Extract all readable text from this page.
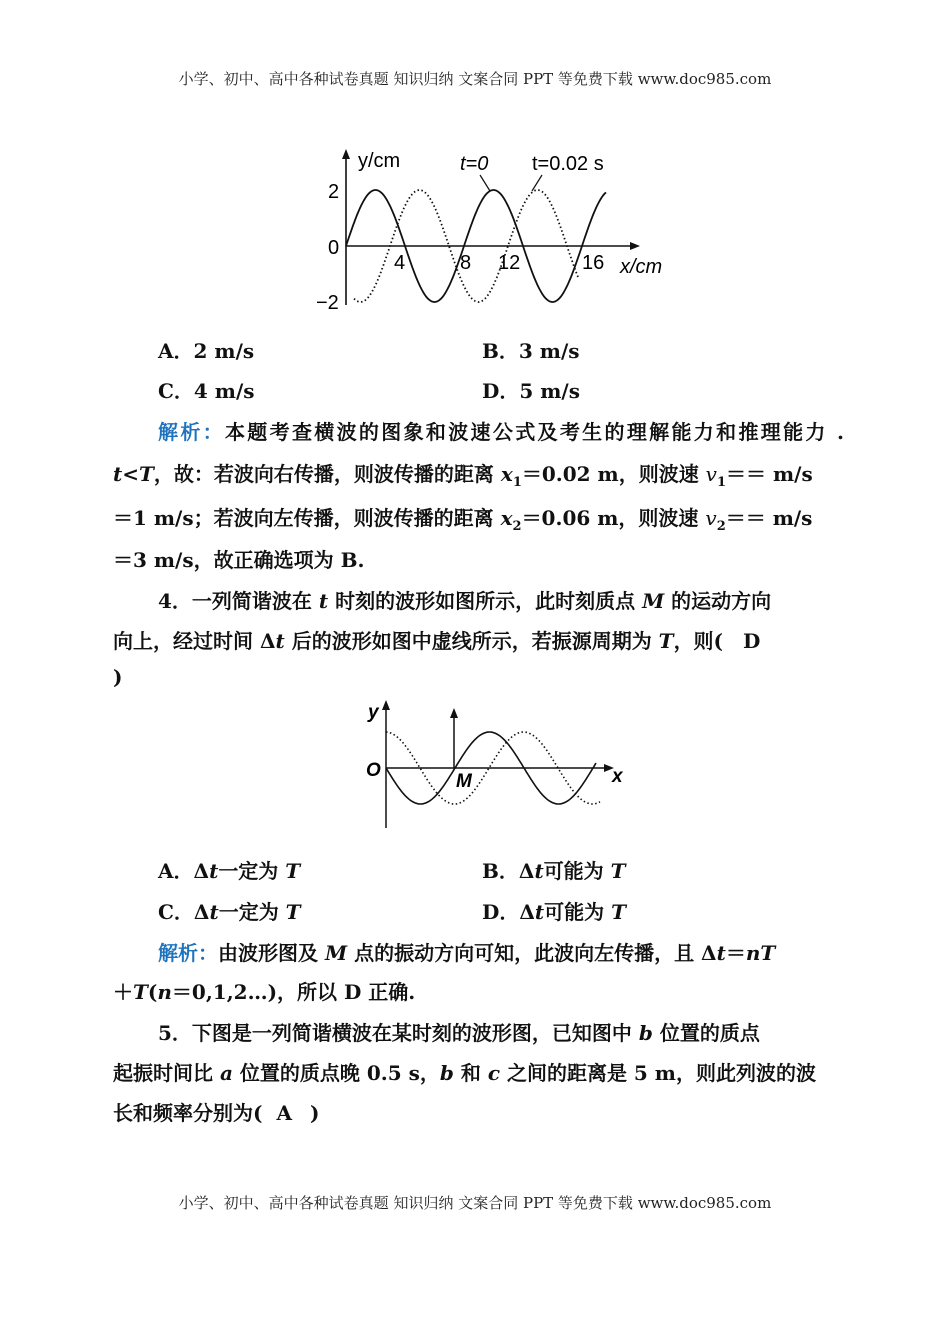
小学、初中、高中各种试卷真题 知识归纳 文案合同 PPT 等免费下载 www.doc985.com
y/cm
x/cm
t=0 t=0.02 s
2
0
−2
4	8 12	16
A．2 m/s	B．3 m/s
C．4 m/s	D．5 m/s
解析：本题考查横波的图象和波速公式及考生的理解能力和推理能力 .
t<T，故：若波向右传播，则波传播的距离 $x_1=0.02$ m，则波速 $v_1== m/s$
＝1 m/s；若波向左传播，则波传播的距离 $x_2=0.06$ m，则波速 $v_2== m/s$
＝3 m/s，故正确选项为 B.
4．一列简谐波在 t 时刻的波形如图所示，此时刻质点 M 的运动方向
向上，经过时间 Δt 后的波形如图中虚线所示，若振源周期为 T，则( D
)
y
x
O
M
A．Δt一定为 T	B．Δt可能为 T
C．Δt一定为 T	D．Δt可能为 T
解析：由波形图及 M 点的振动方向可知，此波向左传播，且 Δt＝nT
＋T(n＝0,1,2…)，所以 D 正确.
5．下图是一列简谐横波在某时刻的波形图，已知图中 b 位置的质点
起振时间比 a 位置的质点晚 0.5 s，b 和 c 之间的距离是 5 m，则此列波的波
长和频率分别为( A )
小学、初中、高中各种试卷真题 知识归纳 文案合同 PPT 等免费下载 www.doc985.com
